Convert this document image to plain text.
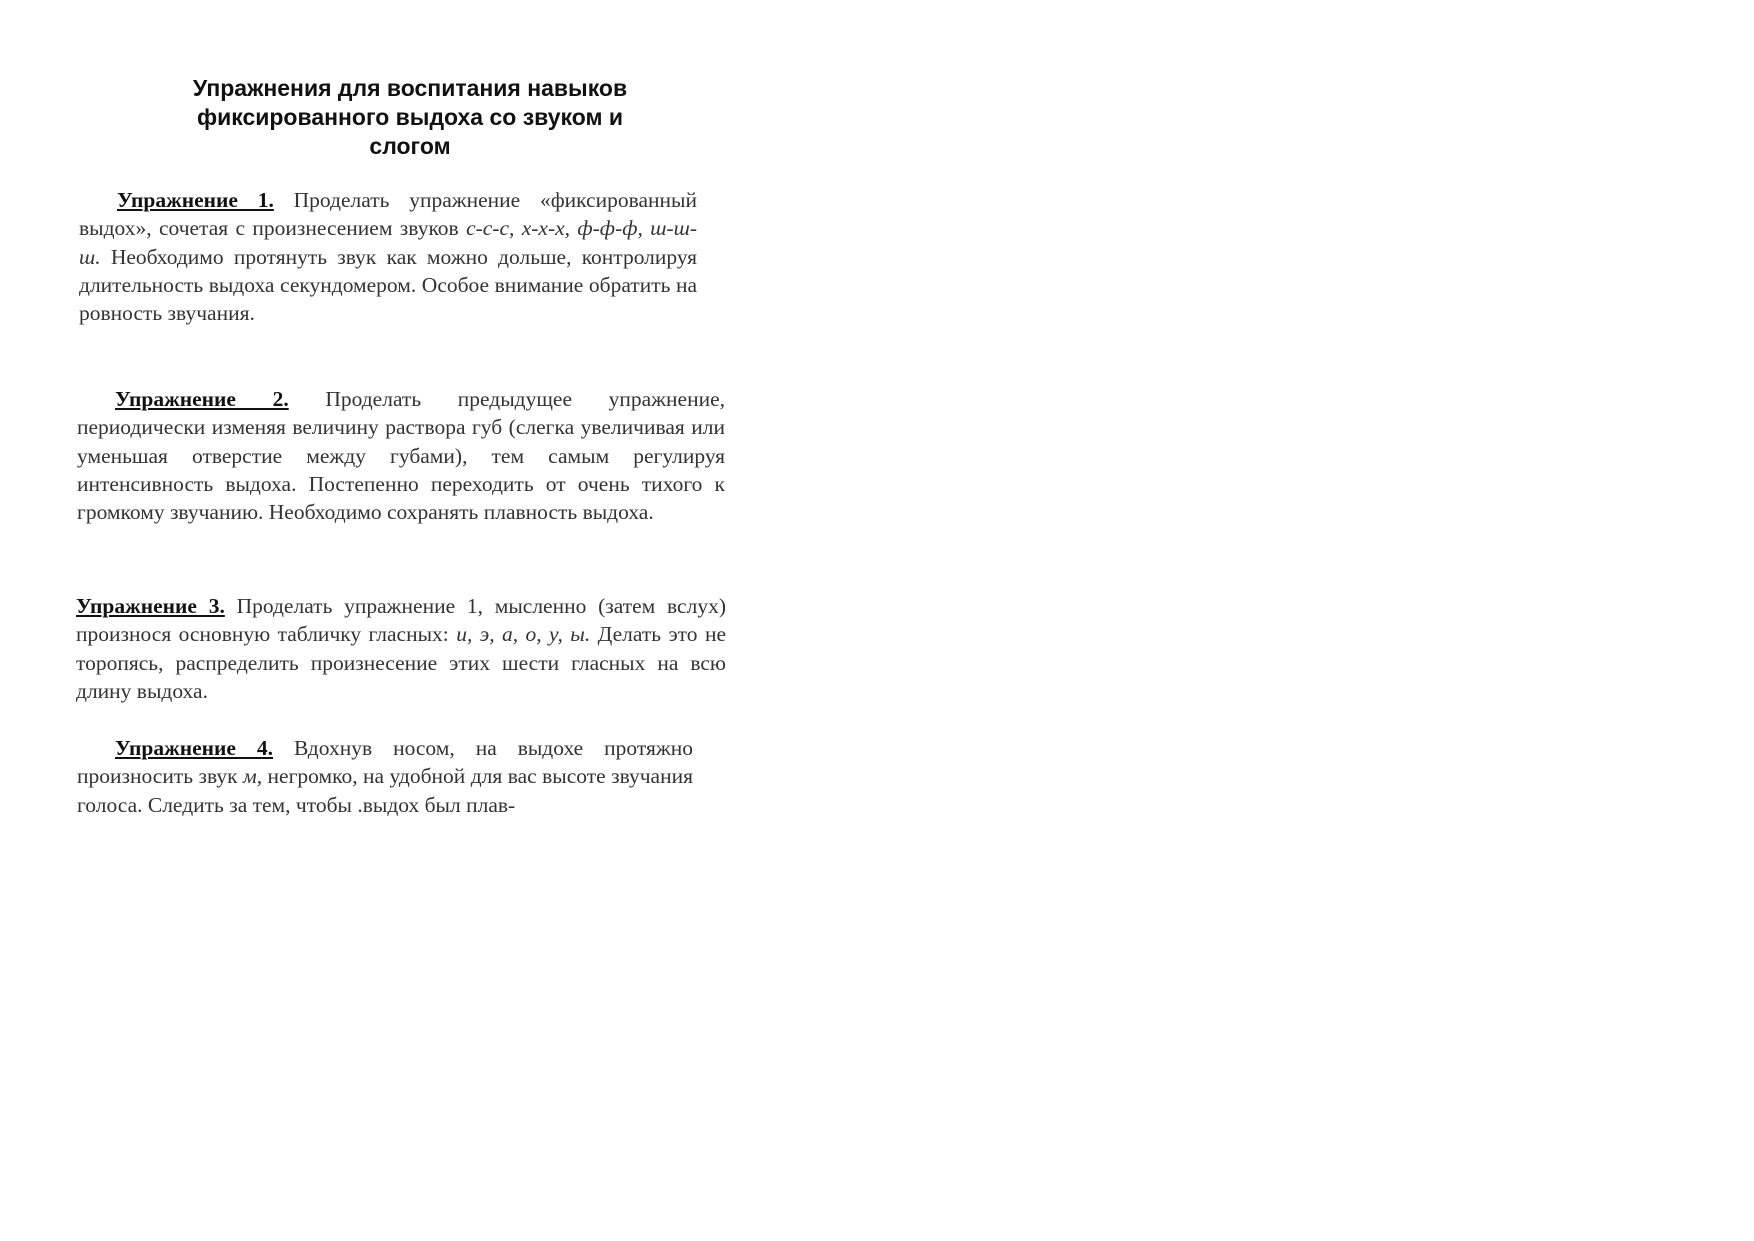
Упражнения для воспитания навыков
фиксированного выдоха со звуком и
слогом
Упражнение 1. Проделать упражнение «фиксированный выдох», сочетая с произнесением звуков с-с-с, х-х-х, ф-ф-ф, ш-ш-ш. Необходимо протянуть звук как можно дольше, контролируя длительность выдоха секундомером. Особое внимание обратить на ровность звучания.
Упражнение 2. Проделать предыдущее упражнение, периодически изменяя величину раствора губ (слегка увеличивая или уменьшая отверстие между губами), тем самым регулируя интенсивность выдоха. Постепенно переходить от очень тихого к громкому звучанию. Необходимо сохранять плавность выдоха.
Упражнение 3. Проделать упражнение 1, мысленно (затем вслух) произнося основную табличку гласных: и, э, а, о, у, ы. Делать это не торопясь, распределить произнесение этих шести гласных на всю длину выдоха.
Упражнение 4. Вдохнув носом, на выдохе протяжно произносить звук м, негромко, на удобной для вас высоте звучания голоса. Следить за тем, чтобы .выдох был плав-
